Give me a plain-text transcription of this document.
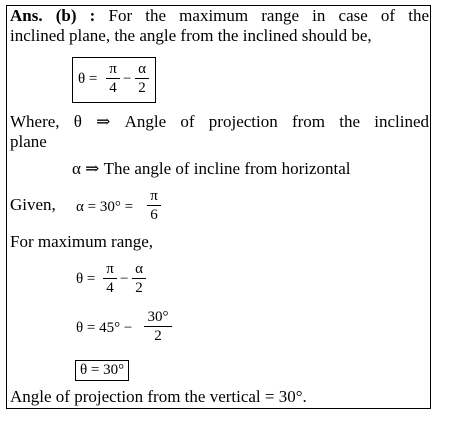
Ans. (b) : For the maximum range in case of the
inclined plane, the angle from the inclined should be,
$\theta = \frac{\pi}{4} - \frac{\alpha}{2}$
Where, θ ⇒ Angle of projection from the inclined
plane
α ⇒ The angle of incline from horizontal
Given, $\alpha = 30^\circ = \frac{\pi}{6}$
For maximum range,
$\theta = \frac{\pi}{4} - \frac{\alpha}{2}$
$\theta = 45^\circ - \frac{30^\circ}{2}$
θ = 30°
Angle of projection from the vertical = 30°.
